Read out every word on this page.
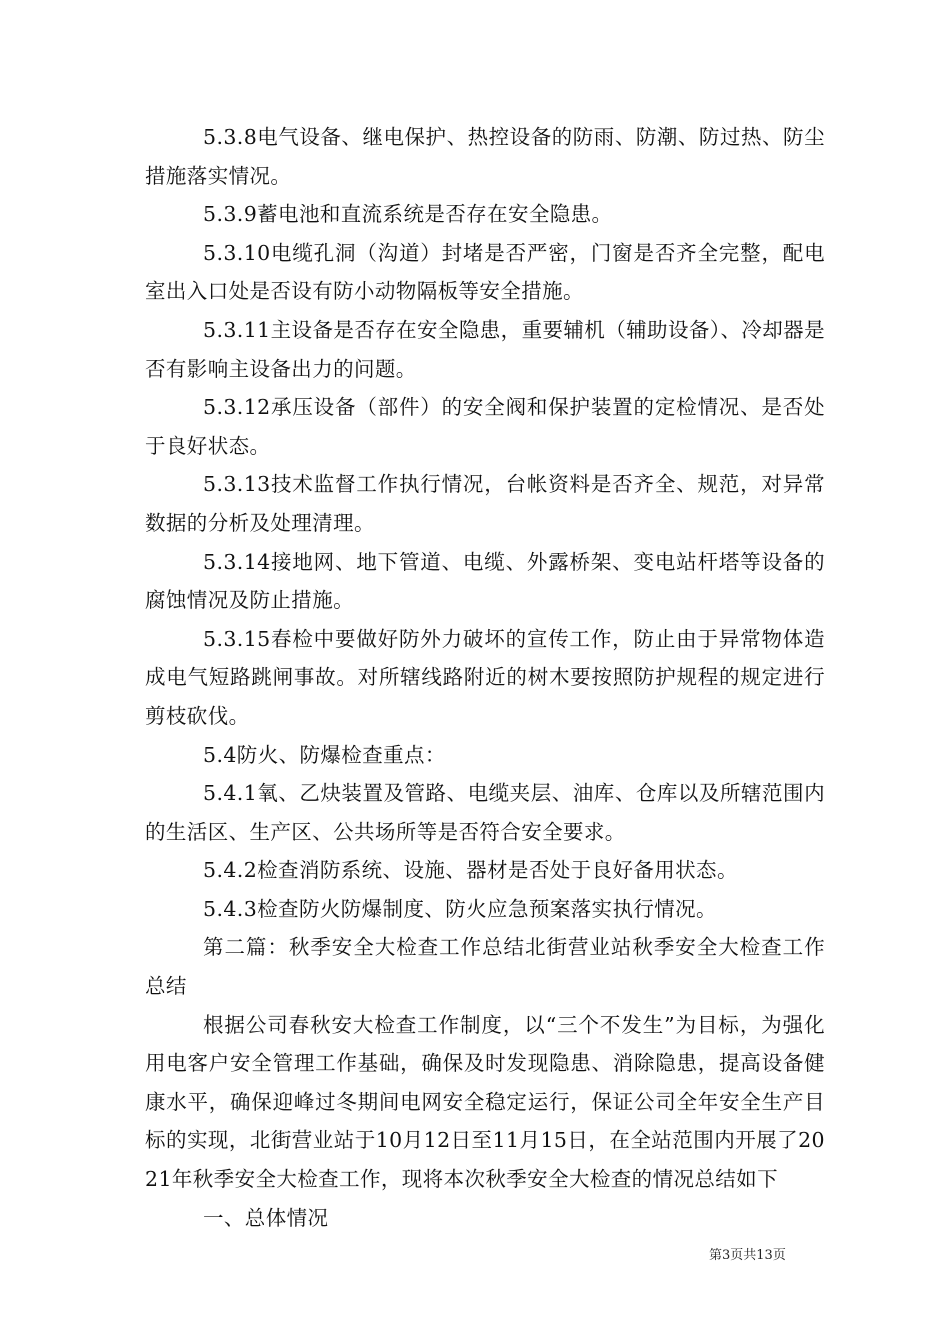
5.3.8电气设备、继电保护、热控设备的防雨、防潮、防过热、防尘措施落实情况。

5.3.9蓄电池和直流系统是否存在安全隐患。

5.3.10电缆孔洞（沟道）封堵是否严密，门窗是否齐全完整，配电室出入口处是否设有防小动物隔板等安全措施。

5.3.11主设备是否存在安全隐患，重要辅机（辅助设备）、冷却器是否有影响主设备出力的问题。

5.3.12承压设备（部件）的安全阀和保护装置的定检情况、是否处于良好状态。

5.3.13技术监督工作执行情况，台帐资料是否齐全、规范，对异常数据的分析及处理清理。

5.3.14接地网、地下管道、电缆、外露桥架、变电站杆塔等设备的腐蚀情况及防止措施。

5.3.15春检中要做好防外力破坏的宣传工作，防止由于异常物体造成电气短路跳闸事故。对所辖线路附近的树木要按照防护规程的规定进行剪枝砍伐。

5.4防火、防爆检查重点：

5.4.1氧、乙炔装置及管路、电缆夹层、油库、仓库以及所辖范围内的生活区、生产区、公共场所等是否符合安全要求。

5.4.2检查消防系统、设施、器材是否处于良好备用状态。

5.4.3检查防火防爆制度、防火应急预案落实执行情况。

第二篇：秋季安全大检查工作总结北街营业站秋季安全大检查工作总结

根据公司春秋安大检查工作制度，以“三个不发生”为目标，为强化用电客户安全管理工作基础，确保及时发现隐患、消除隐患，提高设备健康水平，确保迎峰过冬期间电网安全稳定运行，保证公司全年安全生产目标的实现，北街营业站于10月12日至11月15日，在全站范围内开展了2021年秋季安全大检查工作，现将本次秋季安全大检查的情况总结如下

一、总体情况

第3页共13页
